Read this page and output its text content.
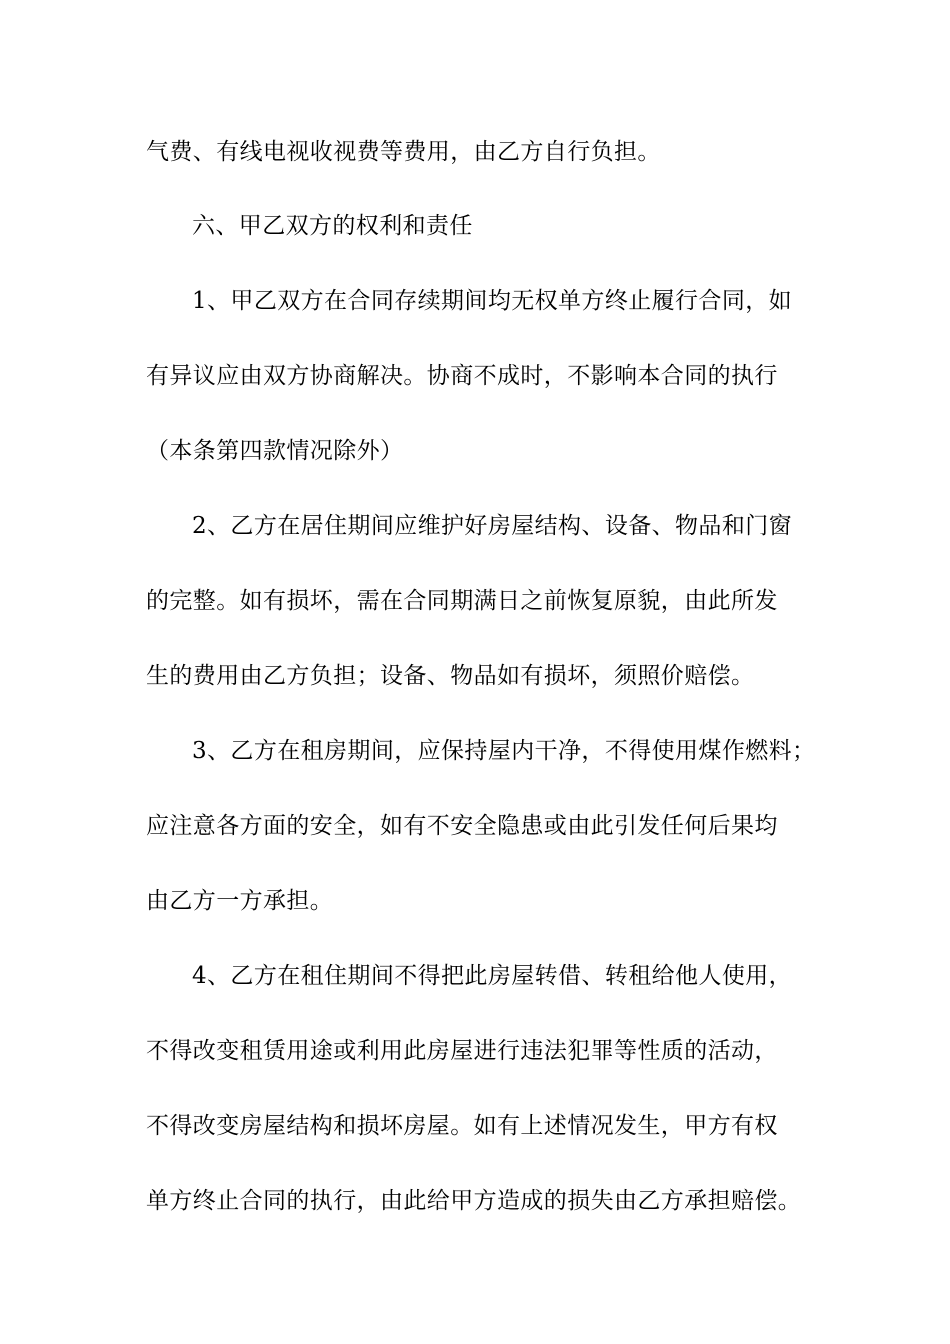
气费、有线电视收视费等费用，由乙方自行负担。
六、甲乙双方的权利和责任
1、甲乙双方在合同存续期间均无权单方终止履行合同，如
有异议应由双方协商解决。协商不成时，不影响本合同的执行
（本条第四款情况除外）
2、乙方在居住期间应维护好房屋结构、设备、物品和门窗
的完整。如有损坏，需在合同期满日之前恢复原貌，由此所发
生的费用由乙方负担；设备、物品如有损坏，须照价赔偿。
3、乙方在租房期间，应保持屋内干净，不得使用煤作燃料；
应注意各方面的安全，如有不安全隐患或由此引发任何后果均
由乙方一方承担。
4、乙方在租住期间不得把此房屋转借、转租给他人使用，
不得改变租赁用途或利用此房屋进行违法犯罪等性质的活动，
不得改变房屋结构和损坏房屋。如有上述情况发生，甲方有权
单方终止合同的执行，由此给甲方造成的损失由乙方承担赔偿。
